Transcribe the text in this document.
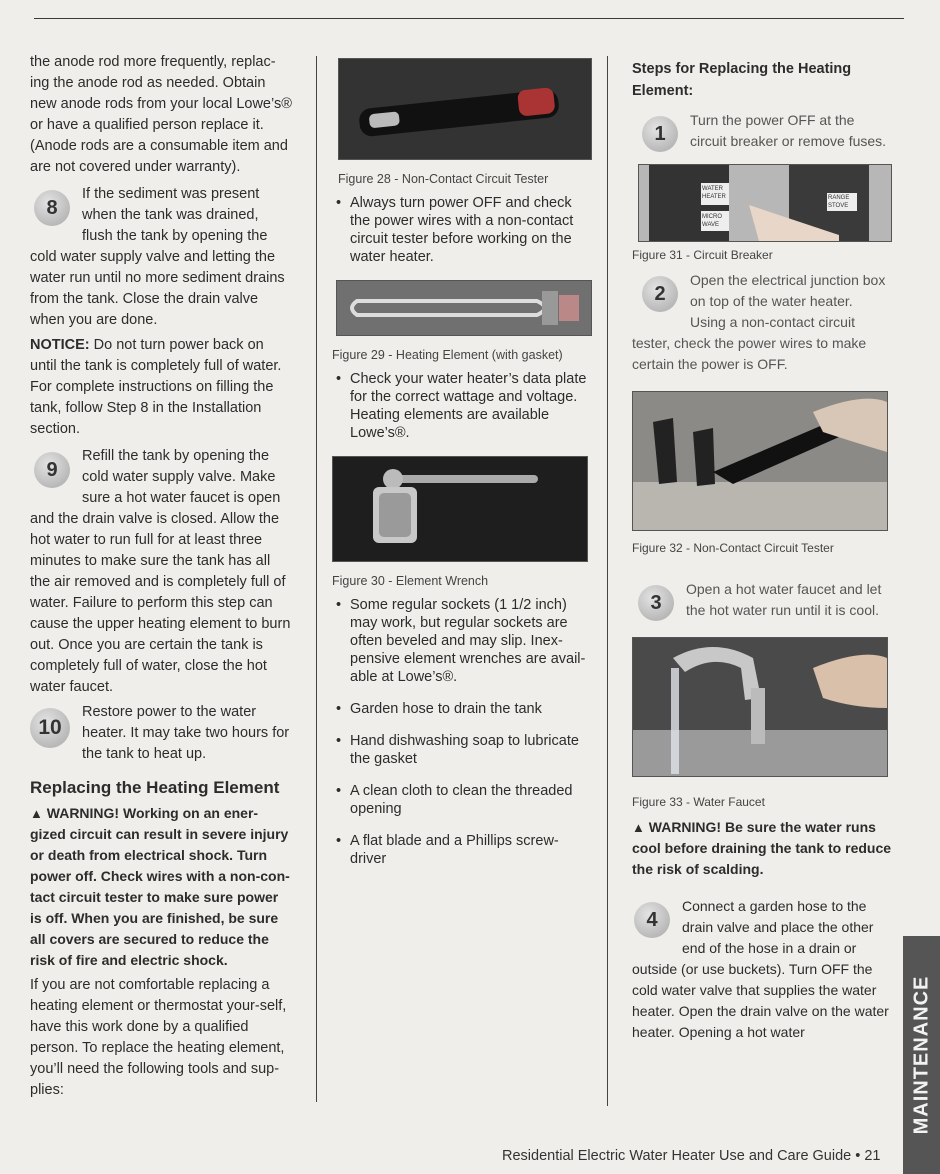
the anode rod more frequently, replac-ing the anode rod as needed. Obtain new anode rods from your local Lowe’s® or have a qualified person replace it. (Anode rods are a consumable item and are not covered under warranty).

8

If the sediment was present when the tank was drained, flush the tank by opening the cold water supply valve and letting the water run until no more sediment drains from the tank. Close the drain valve when you are done.

NOTICE: Do not turn power back on until the tank is completely full of water. For complete instructions on filling the tank, follow Step 8 in the Installation section.

9

Refill the tank by opening the cold water supply valve. Make sure a hot water faucet is open and the drain valve is closed. Allow the hot water to run full for at least three minutes to make sure the tank has all the air removed and is completely full of water. Failure to perform this step can cause the upper heating element to burn out. Once you are certain the tank is completely full of water, close the hot water faucet.

10

Restore power to the water heater. It may take two hours for the tank to heat up.

Replacing the Heating Element

▲ WARNING! Working on an ener-gized circuit can result in severe injury or death from electrical shock. Turn power off. Check wires with a non-con-tact circuit tester to make sure power is off. When you are finished, be sure all covers are secured to reduce the risk of fire and electric shock.

If you are not comfortable replacing a heating element or thermostat your-self, have this work done by a qualified person. To replace the heating element, you’ll need the following tools and sup-plies:

Figure 28 - Non-Contact Circuit Tester
• Always turn power OFF and check the power wires with a non-contact circuit tester before working on the water heater.
Figure 29 - Heating Element (with gasket)
• Check your water heater’s data plate for the correct wattage and voltage. Heating elements are available Lowe’s®.
Figure 30 - Element Wrench
• Some regular sockets (1 1/2 inch) may work, but regular sockets are often beveled and may slip. Inex-pensive element wrenches are avail-able at Lowe’s®.
• Garden hose to drain the tank
• Hand dishwashing soap to lubricate the gasket
• A clean cloth to clean the threaded opening
• A flat blade and a Phillips screw-driver
Steps for Replacing the Heating Element:
1

Turn the power OFF at the circuit breaker or remove fuses.

WATER HEATER
MICRO WAVE
RANGE STOVE
Figure 31 - Circuit Breaker
2

Open the electrical junction box on top of the water heater. Using a non-contact circuit tester, check the power wires to make certain the power is OFF.

Figure 32 - Non-Contact Circuit Tester
3

Open a hot water faucet and let the hot water run until it is cool.

Figure 33 - Water Faucet

▲ WARNING! Be sure the water runs cool before draining the tank to reduce the risk of scalding.

4

Connect a garden hose to the drain valve and place the other end of the hose in a drain or outside (or use buckets). Turn OFF the cold water valve that supplies the water heater. Open the drain valve on the water heater. Opening a hot water	MAINTENANCE
Residential Electric Water Heater Use and Care Guide • 21
